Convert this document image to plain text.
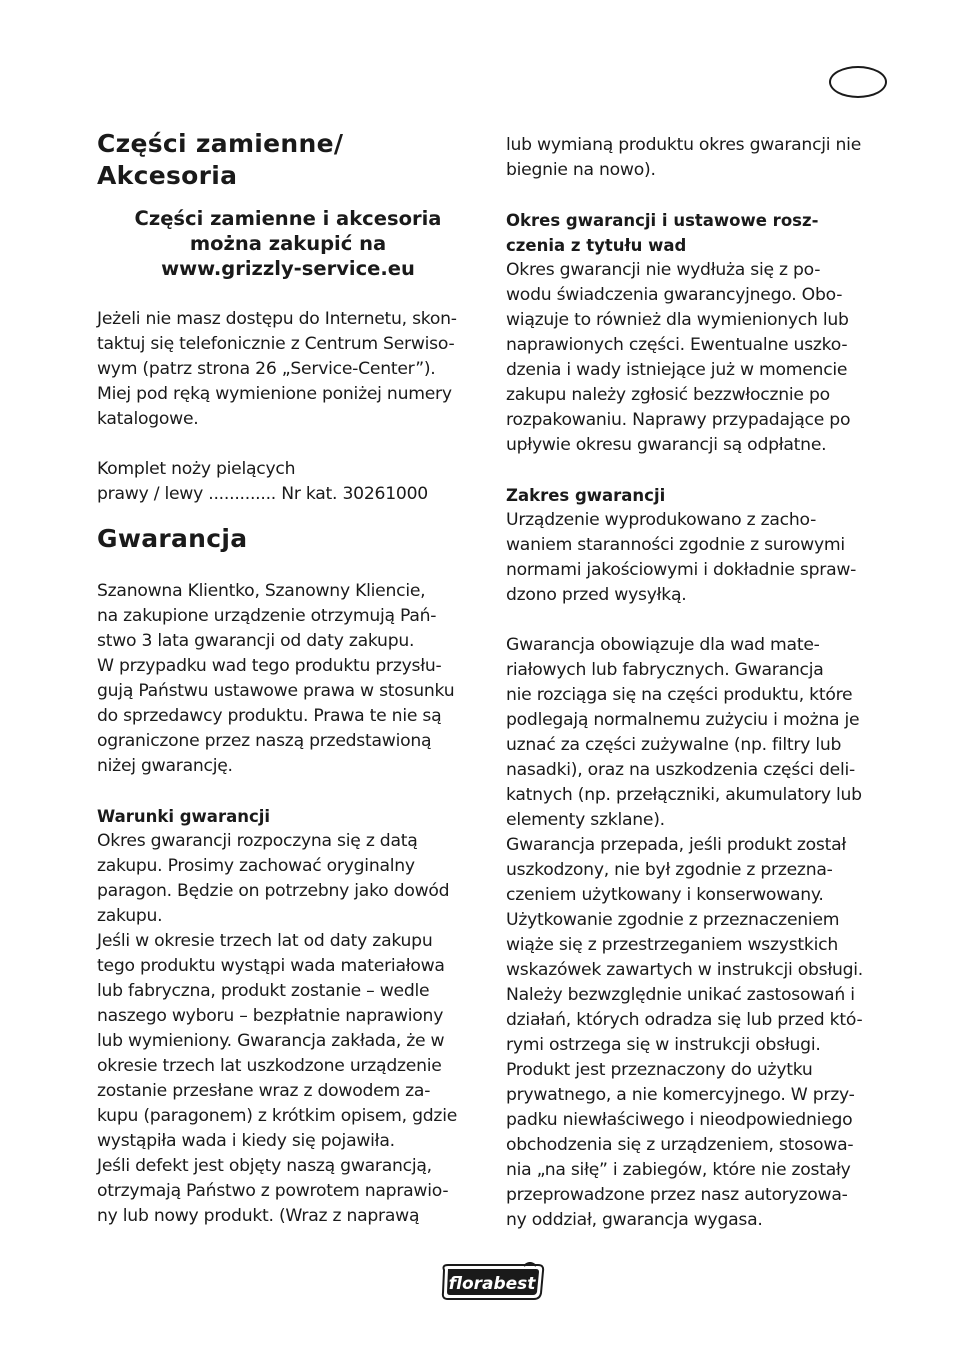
Części zamienne/
Akcesoria
Części zamienne i akcesoria
można zakupić na
www.grizzly-service.eu
Jeżeli nie masz dostępu do Internetu, skon-
taktuj się telefonicznie z Centrum Serwiso-
wym (patrz strona 26 „Service-Center”).
Miej pod ręką wymienione poniżej numery
katalogowe.
Komplet noży pielących
prawy / lewy ............. Nr kat. 30261000
Gwarancja
Szanowna Klientko, Szanowny Kliencie,
na zakupione urządzenie otrzymują Pań-
stwo 3 lata gwarancji od daty zakupu.
W przypadku wad tego produktu przysłu-
gują Państwu ustawowe prawa w stosunku
do sprzedawcy produktu. Prawa te nie są
ograniczone przez naszą przedstawioną
niżej gwarancję.
Warunki gwarancji
Okres gwarancji rozpoczyna się z datą
zakupu. Prosimy zachować oryginalny
paragon. Będzie on potrzebny jako dowód
zakupu.
Jeśli w okresie trzech lat od daty zakupu
tego produktu wystąpi wada materiałowa
lub fabryczna, produkt zostanie – wedle
naszego wyboru – bezpłatnie naprawiony
lub wymieniony. Gwarancja zakłada, że w
okresie trzech lat uszkodzone urządzenie
zostanie przesłane wraz z dowodem za-
kupu (paragonem) z krótkim opisem, gdzie
wystąpiła wada i kiedy się pojawiła.
Jeśli defekt jest objęty naszą gwarancją,
otrzymają Państwo z powrotem naprawio-
ny lub nowy produkt. (Wraz z naprawą
lub wymianą produktu okres gwarancji nie
biegnie na nowo).
Okres gwarancji i ustawowe rosz-
czenia z tytułu wad
Okres gwarancji nie wydłuża się z po-
wodu świadczenia gwarancyjnego. Obo-
wiązuje to również dla wymienionych lub
naprawionych części. Ewentualne uszko-
dzenia i wady istniejące już w momencie
zakupu należy zgłosić bezzwłocznie po
rozpakowaniu. Naprawy przypadające po
upływie okresu gwarancji są odpłatne.
Zakres gwarancji
Urządzenie wyprodukowano z zacho-
waniem staranności zgodnie z surowymi
normami jakościowymi i dokładnie spraw-
dzono przed wysyłką.
Gwarancja obowiązuje dla wad mate-
riałowych lub fabrycznych. Gwarancja
nie rozciąga się na części produktu, które
podlegają normalnemu zużyciu i można je
uznać za części zużywalne (np. filtry lub
nasadki), oraz na uszkodzenia części deli-
katnych (np. przełączniki, akumulatory lub
elementy szklane).
Gwarancja przepada, jeśli produkt został
uszkodzony, nie był zgodnie z przezna-
czeniem użytkowany i konserwowany.
Użytkowanie zgodnie z przeznaczeniem
wiąże się z przestrzeganiem wszystkich
wskazówek zawartych w instrukcji obsługi.
Należy bezwzględnie unikać zastosowań i
działań, których odradza się lub przed któ-
rymi ostrzega się w instrukcji obsługi.
Produkt jest przeznaczony do użytku
prywatnego, a nie komercyjnego. W przy-
padku niewłaściwego i nieodpowiedniego
obchodzenia się z urządzeniem, stosowa-
nia „na siłę” i zabiegów, które nie zostały
przeprowadzone przez nasz autoryzowa-
ny oddział, gwarancja wygasa.
florabest
